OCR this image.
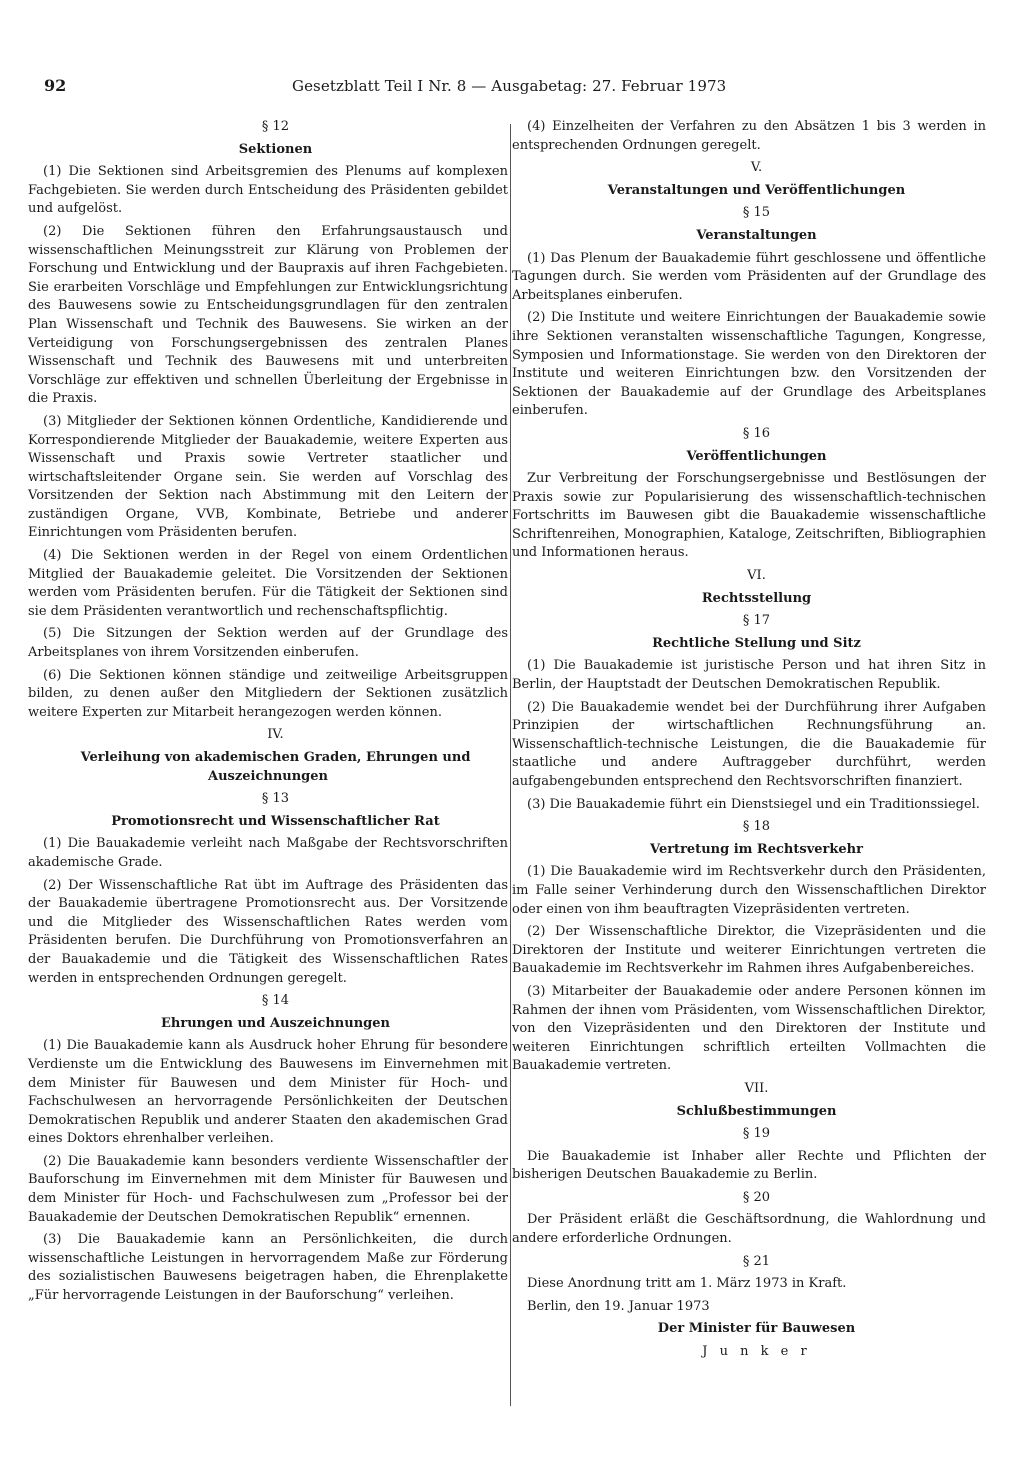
92	Gesetzblatt Teil I Nr. 8 — Ausgabetag: 27. Februar 1973

§ 12

Sektionen

(1) Die Sektionen sind Arbeitsgremien des Plenums auf komplexen Fachgebieten. Sie werden durch Entscheidung des Präsidenten gebildet und aufgelöst.

(2) Die Sektionen führen den Erfahrungsaustausch und wissenschaftlichen Meinungsstreit zur Klärung von Problemen der Forschung und Entwicklung und der Baupraxis auf ihren Fachgebieten. Sie erarbeiten Vorschläge und Empfehlungen zur Entwicklungsrichtung des Bauwesens sowie zu Entscheidungsgrundlagen für den zentralen Plan Wissenschaft und Technik des Bauwesens. Sie wirken an der Verteidigung von Forschungsergebnissen des zentralen Planes Wissenschaft und Technik des Bauwesens mit und unterbreiten Vorschläge zur effektiven und schnellen Überleitung der Ergebnisse in die Praxis.

(3) Mitglieder der Sektionen können Ordentliche, Kandidierende und Korrespondierende Mitglieder der Bauakademie, weitere Experten aus Wissenschaft und Praxis sowie Vertreter staatlicher und wirtschaftsleitender Organe sein. Sie werden auf Vorschlag des Vorsitzenden der Sektion nach Abstimmung mit den Leitern der zuständigen Organe, VVB, Kombinate, Betriebe und anderer Einrichtungen vom Präsidenten berufen.

(4) Die Sektionen werden in der Regel von einem Ordentlichen Mitglied der Bauakademie geleitet. Die Vorsitzenden der Sektionen werden vom Präsidenten berufen. Für die Tätigkeit der Sektionen sind sie dem Präsidenten verantwortlich und rechenschaftspflichtig.

(5) Die Sitzungen der Sektion werden auf der Grundlage des Arbeitsplanes von ihrem Vorsitzenden einberufen.

(6) Die Sektionen können ständige und zeitweilige Arbeitsgruppen bilden, zu denen außer den Mitgliedern der Sektionen zusätzlich weitere Experten zur Mitarbeit herangezogen werden können.

IV.

Verleihung von akademischen Graden, Ehrungen und Auszeichnungen

§ 13

Promotionsrecht und Wissenschaftlicher Rat

(1) Die Bauakademie verleiht nach Maßgabe der Rechtsvorschriften akademische Grade.

(2) Der Wissenschaftliche Rat übt im Auftrage des Präsidenten das der Bauakademie übertragene Promotionsrecht aus. Der Vorsitzende und die Mitglieder des Wissenschaftlichen Rates werden vom Präsidenten berufen. Die Durchführung von Promotionsverfahren an der Bauakademie und die Tätigkeit des Wissenschaftlichen Rates werden in entsprechenden Ordnungen geregelt.

§ 14

Ehrungen und Auszeichnungen

(1) Die Bauakademie kann als Ausdruck hoher Ehrung für besondere Verdienste um die Entwicklung des Bauwesens im Einvernehmen mit dem Minister für Bauwesen und dem Minister für Hoch- und Fachschulwesen an hervorragende Persönlichkeiten der Deutschen Demokratischen Republik und anderer Staaten den akademischen Grad eines Doktors ehrenhalber verleihen.

(2) Die Bauakademie kann besonders verdiente Wissenschaftler der Bauforschung im Einvernehmen mit dem Minister für Bauwesen und dem Minister für Hoch- und Fachschulwesen zum „Professor bei der Bauakademie der Deutschen Demokratischen Republik“ ernennen.

(3) Die Bauakademie kann an Persönlichkeiten, die durch wissenschaftliche Leistungen in hervorragendem Maße zur Förderung des sozialistischen Bauwesens beigetragen haben, die Ehrenplakette „Für hervorragende Leistungen in der Bauforschung“ verleihen.

(4) Einzelheiten der Verfahren zu den Absätzen 1 bis 3 werden in entsprechenden Ordnungen geregelt.

V.

Veranstaltungen und Veröffentlichungen

§ 15

Veranstaltungen

(1) Das Plenum der Bauakademie führt geschlossene und öffentliche Tagungen durch. Sie werden vom Präsidenten auf der Grundlage des Arbeitsplanes einberufen.

(2) Die Institute und weitere Einrichtungen der Bauakademie sowie ihre Sektionen veranstalten wissenschaftliche Tagungen, Kongresse, Symposien und Informationstage. Sie werden von den Direktoren der Institute und weiteren Einrichtungen bzw. den Vorsitzenden der Sektionen der Bauakademie auf der Grundlage des Arbeitsplanes einberufen.

§ 16

Veröffentlichungen

Zur Verbreitung der Forschungsergebnisse und Bestlösungen der Praxis sowie zur Popularisierung des wissenschaftlich-technischen Fortschritts im Bauwesen gibt die Bauakademie wissenschaftliche Schriftenreihen, Monographien, Kataloge, Zeitschriften, Bibliographien und Informationen heraus.

VI.

Rechtsstellung

§ 17

Rechtliche Stellung und Sitz

(1) Die Bauakademie ist juristische Person und hat ihren Sitz in Berlin, der Hauptstadt der Deutschen Demokratischen Republik.

(2) Die Bauakademie wendet bei der Durchführung ihrer Aufgaben Prinzipien der wirtschaftlichen Rechnungsführung an. Wissenschaftlich-technische Leistungen, die die Bauakademie für staatliche und andere Auftraggeber durchführt, werden aufgabengebunden entsprechend den Rechtsvorschriften finanziert.

(3) Die Bauakademie führt ein Dienstsiegel und ein Traditionssiegel.

§ 18

Vertretung im Rechtsverkehr

(1) Die Bauakademie wird im Rechtsverkehr durch den Präsidenten, im Falle seiner Verhinderung durch den Wissenschaftlichen Direktor oder einen von ihm beauftragten Vizepräsidenten vertreten.

(2) Der Wissenschaftliche Direktor, die Vizepräsidenten und die Direktoren der Institute und weiterer Einrichtungen vertreten die Bauakademie im Rechtsverkehr im Rahmen ihres Aufgabenbereiches.

(3) Mitarbeiter der Bauakademie oder andere Personen können im Rahmen der ihnen vom Präsidenten, vom Wissenschaftlichen Direktor, von den Vizepräsidenten und den Direktoren der Institute und weiteren Einrichtungen schriftlich erteilten Vollmachten die Bauakademie vertreten.

VII.

Schlußbestimmungen

§ 19

Die Bauakademie ist Inhaber aller Rechte und Pflichten der bisherigen Deutschen Bauakademie zu Berlin.

§ 20

Der Präsident erläßt die Geschäftsordnung, die Wahlordnung und andere erforderliche Ordnungen.

§ 21

Diese Anordnung tritt am 1. März 1973 in Kraft.

Berlin, den 19. Januar 1973

Der Minister für Bauwesen

J u n k e r
